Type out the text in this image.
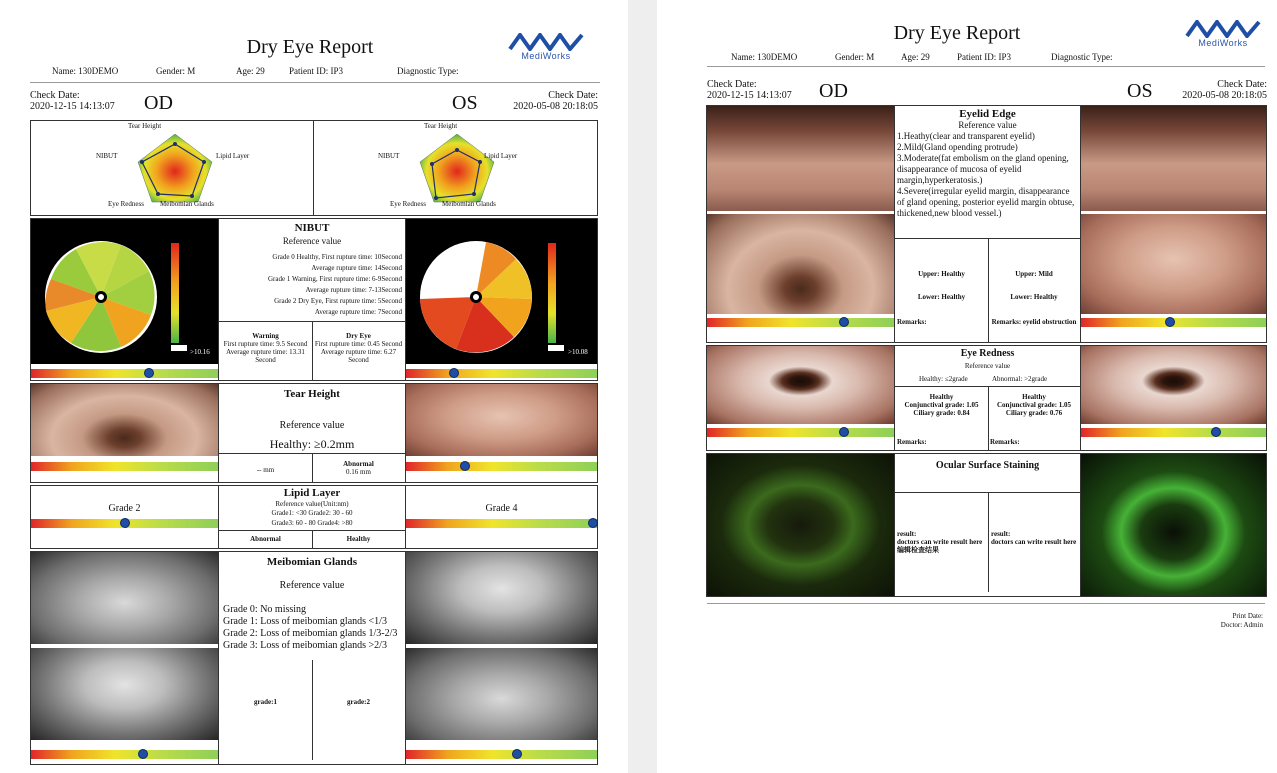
Dry Eye Report	MediWorks
Name: 130DEMO	Gender: M	Age: 29	Patient ID: IP3	Diagnostic Type:
Check Date:
2020-12-15 14:13:07 OD	OS	Check Date:
2020-05-08 20:18:05
Tear Height
NIBUT	Lipid Layer
Eye Redness Meibomian Glands
Tear Height
NIBUT	Lipid Layer
Eye Redness Meibomian Glands
>10.16	>10.08
NIBUT
Reference value
Grade 0 Healthy, First rupture time: 10Second
Average rupture time: 14Second
Grade 1 Warning, First rupture time: 6-9Second
Average rupture time: 7-13Second
Grade 2 Dry Eye, First rupture time: 5Second
Average rupture time: 7Second
Warning
First rupture time: 9.5 Second
Average rupture time: 13.31 Second
Dry Eye
First rupture time: 0.45 Second
Average rupture time: 6.27 Second
Tear Height
Reference value
Healthy: ≥0.2mm
-- mm
Abnormal
0.16 mm
Grade 2	Grade 4
Lipid Layer
Reference value(Unit:nm)
Grade1: <30 Grade2: 30 - 60
Grade3: 60 - 80 Grade4: >80
Abnormal	Healthy
Meibomian Glands
Reference value
Grade 0: No missing
Grade 1: Loss of meibomian glands <1/3
Grade 2: Loss of meibomian glands 1/3-2/3
Grade 3: Loss of meibomian glands >2/3
grade:1	grade:2
Dry Eye Report	MediWorks
Name: 130DEMO	Gender: M	Age: 29	Patient ID: IP3	Diagnostic Type:
Check Date:
2020-12-15 14:13:07 OD	OS	Check Date:
2020-05-08 20:18:05
Eyelid Edge
Reference value
1.Heathy(clear and transparent eyelid)
2.Mild(Gland opending protrude)
3.Moderate(fat embolism on the gland opening, disappearance of mucosa of eyelid margin,hyperkeratosis.)
4.Severe(irregular eyelid margin, disappearance of gland opening, posterior eyelid margin obtuse, thickened,new blood vessel.)
Upper: Healthy
Lower: Healthy
Remarks:
Upper: Mild
Lower: Healthy
Remarks: eyelid obstruction
Eye Redness
Reference value
Healthy: ≤2grade	Abnormal: >2grade
Healthy
Conjunctival grade: 1.05
Ciliary grade: 0.84
Healthy
Conjunctival grade: 1.05
Ciliary grade: 0.76
Remarks:	Remarks:
Ocular Surface Staining
result:
doctors can write result here 编辑检查结果
result:
doctors can write result here
Print Date:
Doctor: Admin
